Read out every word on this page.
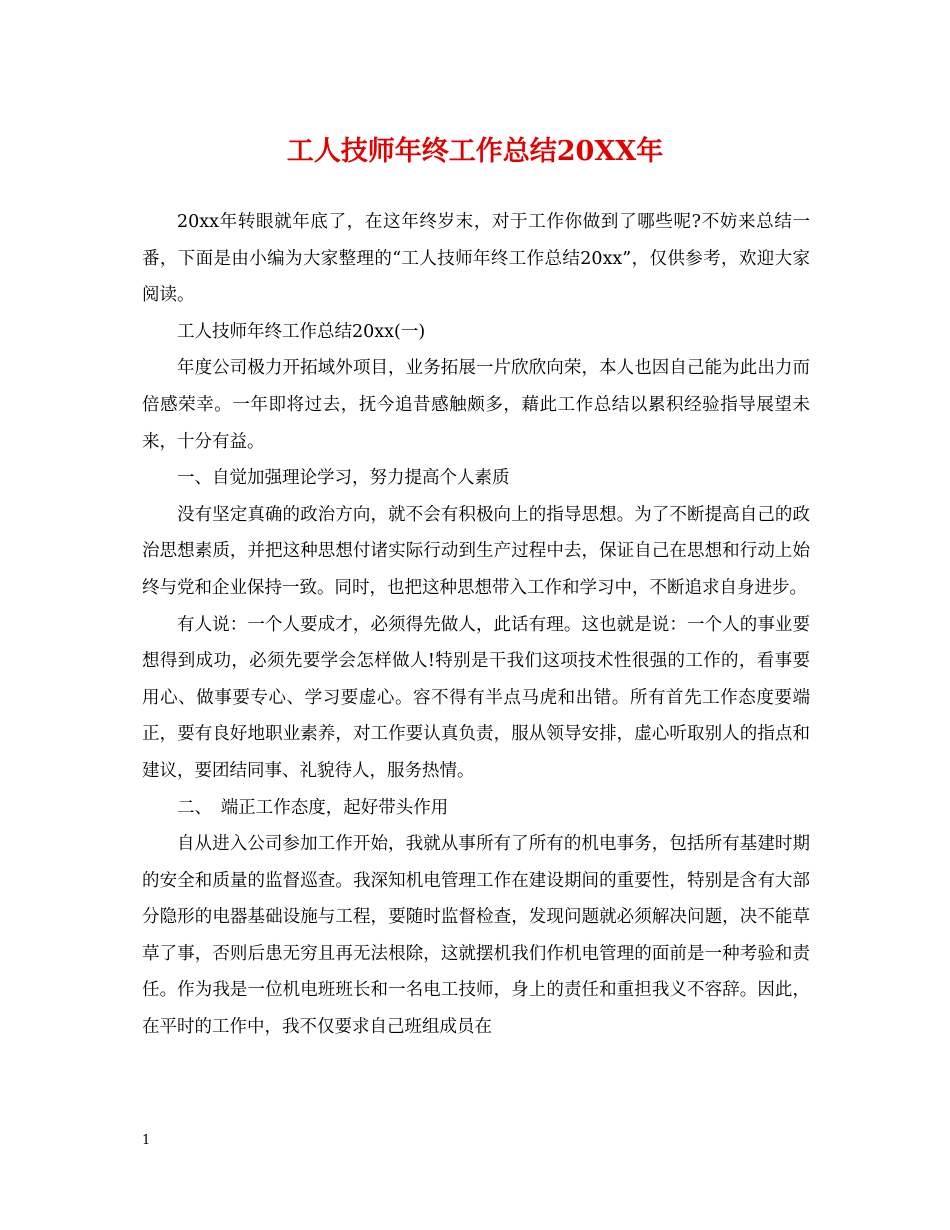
工人技师年终工作总结20XX年

20xx年转眼就年底了，在这年终岁末，对于工作你做到了哪些呢?不妨来总结一番，下面是由小编为大家整理的“工人技师年终工作总结20xx”，仅供参考，欢迎大家阅读。

工人技师年终工作总结20xx(一)

年度公司极力开拓域外项目，业务拓展一片欣欣向荣，本人也因自己能为此出力而倍感荣幸。一年即将过去，抚今追昔感触颇多，藉此工作总结以累积经验指导展望未来，十分有益。

一、自觉加强理论学习，努力提高个人素质

没有坚定真确的政治方向，就不会有积极向上的指导思想。为了不断提高自己的政治思想素质，并把这种思想付诸实际行动到生产过程中去，保证自己在思想和行动上始终与党和企业保持一致。同时，也把这种思想带入工作和学习中，不断追求自身进步。

有人说：一个人要成才，必须得先做人，此话有理。这也就是说：一个人的事业要想得到成功，必须先要学会怎样做人!特别是干我们这项技术性很强的工作的，看事要用心、做事要专心、学习要虚心。容不得有半点马虎和出错。所有首先工作态度要端正，要有良好地职业素养，对工作要认真负责，服从领导安排，虚心听取别人的指点和建议，要团结同事、礼貌待人，服务热情。

二、　端正工作态度，起好带头作用

自从进入公司参加工作开始，我就从事所有了所有的机电事务，包括所有基建时期的安全和质量的监督巡查。我深知机电管理工作在建设期间的重要性，特别是含有大部分隐形的电器基础设施与工程，要随时监督检查，发现问题就必须解决问题，决不能草草了事，否则后患无穷且再无法根除，这就摆机我们作机电管理的面前是一种考验和责任。作为我是一位机电班班长和一名电工技师，身上的责任和重担我义不容辞。因此，在平时的工作中，我不仅要求自己班组成员在

1
